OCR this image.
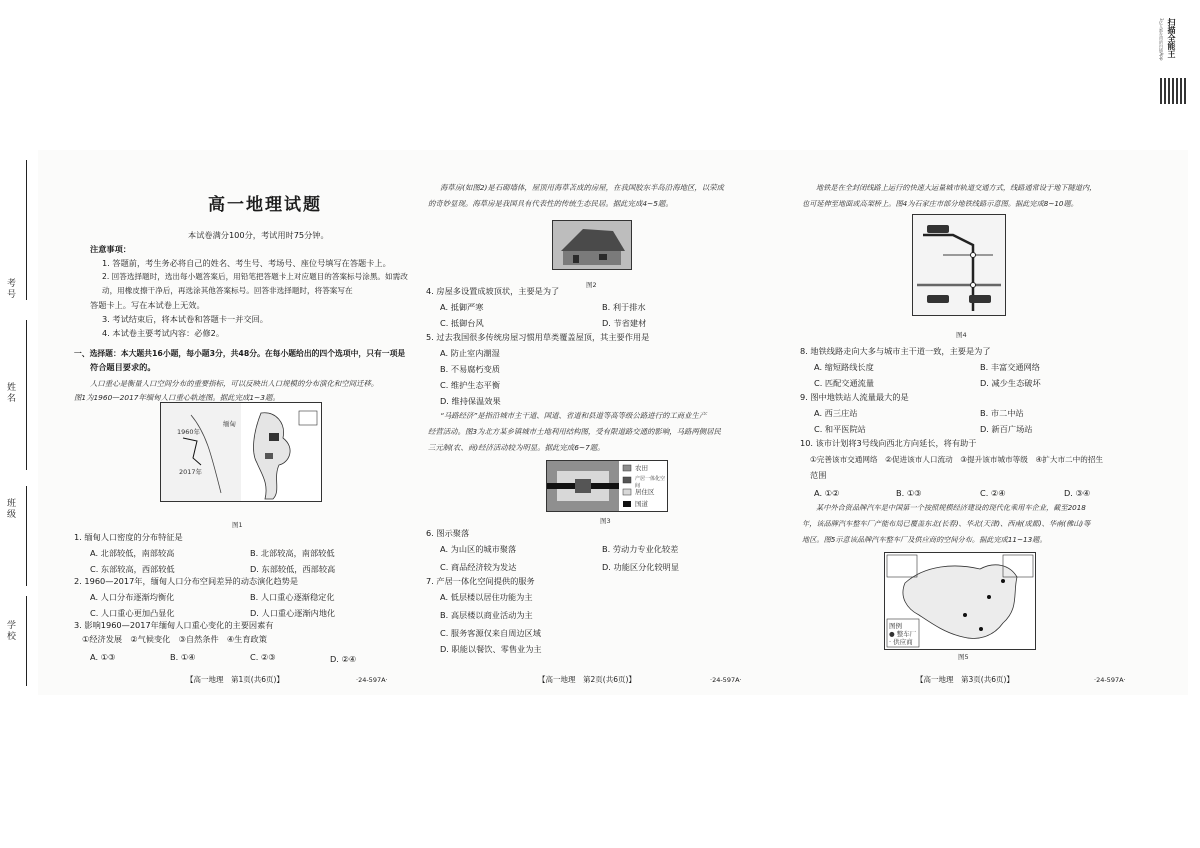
扫描全能王
3亿人都在用的扫描App
考号
姓名
班级
学校
高一地理试题
本试卷满分100分，考试用时75分钟。
注意事项：
1. 答题前，考生务必将自己的姓名、考生号、考场号、座位号填写在答题卡上。
2. 回答选择题时，选出每小题答案后，用铅笔把答题卡上对应题目的答案标号涂黑。如需改动，用橡皮擦干净后，再选涂其他答案标号。回答非选择题时，将答案写在
答题卡上。写在本试卷上无效。
3. 考试结束后，将本试卷和答题卡一并交回。
4. 本试卷主要考试内容：必修2。
一、选择题：本大题共16小题，每小题3分，共48分。在每小题给出的四个选项中，只有一项是
符合题目要求的。
人口重心是衡量人口空间分布的重要指标，可以反映出人口规模的分布演化和空间迁移。
图1为1960—2017年缅甸人口重心轨迹图。据此完成1~3题。
1960年
2017年
缅甸
图1
1. 缅甸人口密度的分布特征是
A. 北部较低，南部较高	B. 北部较高，南部较低
C. 东部较高，西部较低	D. 东部较低，西部较高
2. 1960—2017年，缅甸人口分布空间差异的动态演化趋势是
A. 人口分布逐渐均衡化	B. 人口重心逐渐稳定化
C. 人口重心更加凸显化	D. 人口重心逐渐内地化
3. 影响1960—2017年缅甸人口重心变化的主要因素有
①经济发展　②气候变化　③自然条件　④生育政策
A. ①③	B. ①④	C. ②③	D. ②④
【高一地理　第1页(共6页)】	·24-597A·
海草房(如图2)是石砌墙体，屋顶用海草苫成的房屋，在我国胶东半岛沿海地区，以荣成
的奇妙显现。海草房是我国具有代表性的传统生态民居。据此完成4~5题。
图2
4. 房屋多设置成坡顶状，主要是为了
A. 抵御严寒	B. 利于排水
C. 抵御台风	D. 节省建材
5. 过去我国很多传统房屋习惯用草类覆盖屋顶，其主要作用是
A. 防止室内潮湿
B. 不易腐朽变质
C. 维护生态平衡
D. 维持保温效果
“马路经济”是指沿城市主干道、国道、省道和县道等高等级公路进行的工商业生产
经营活动。图3为北方某乡镇城市土地利用结构图，受有限道路交通的影响，马路两侧居民
三元制(农、商)经济活动较为明显。据此完成6~7题。
农田
产居一体化空间
居住区
国道
图3
6. 图示聚落
A. 为山区的城市聚落	B. 劳动力专业化较差
C. 商品经济较为发达	D. 功能区分化较明显
7. 产居一体化空间提供的服务
A. 低层楼以居住功能为主
B. 高层楼以商业活动为主
C. 服务客源仅来自周边区域
D. 职能以餐饮、零售业为主
【高一地理　第2页(共6页)】	·24-597A·
地铁是在全封闭线路上运行的快速大运量城市轨道交通方式，线路通常设于地下隧道内，
也可延伸至地面或高架桥上。图4为石家庄市部分地铁线路示意图。据此完成8~10题。
图4
8. 地铁线路走向大多与城市主干道一致，主要是为了
A. 缩短路线长度	B. 丰富交通网络
C. 匹配交通流量	D. 减少生态破坏
9. 图中地铁站人流量最大的是
A. 西三庄站	B. 市二中站
C. 和平医院站	D. 新百广场站
10. 该市计划将3号线向西北方向延长，将有助于
①完善该市交通网络　②促进该市人口流动　③提升该市城市等级　④扩大市二中的招生
范围
A. ①②	B. ①③	C. ②④	D. ③④
某中外合资品牌汽车是中国第一个按照规模经济建设的现代化乘用车企业，截至2018
年，该品牌汽车整车厂产能布局已覆盖东北(长春)、华北(天津)、西南(成都)、华南(佛山)等
地区。图5示意该品牌汽车整车厂及供应商的空间分布。据此完成11~13题。
图例
● 整车厂
· 供应商
图5
【高一地理　第3页(共6页)】	·24-597A·
